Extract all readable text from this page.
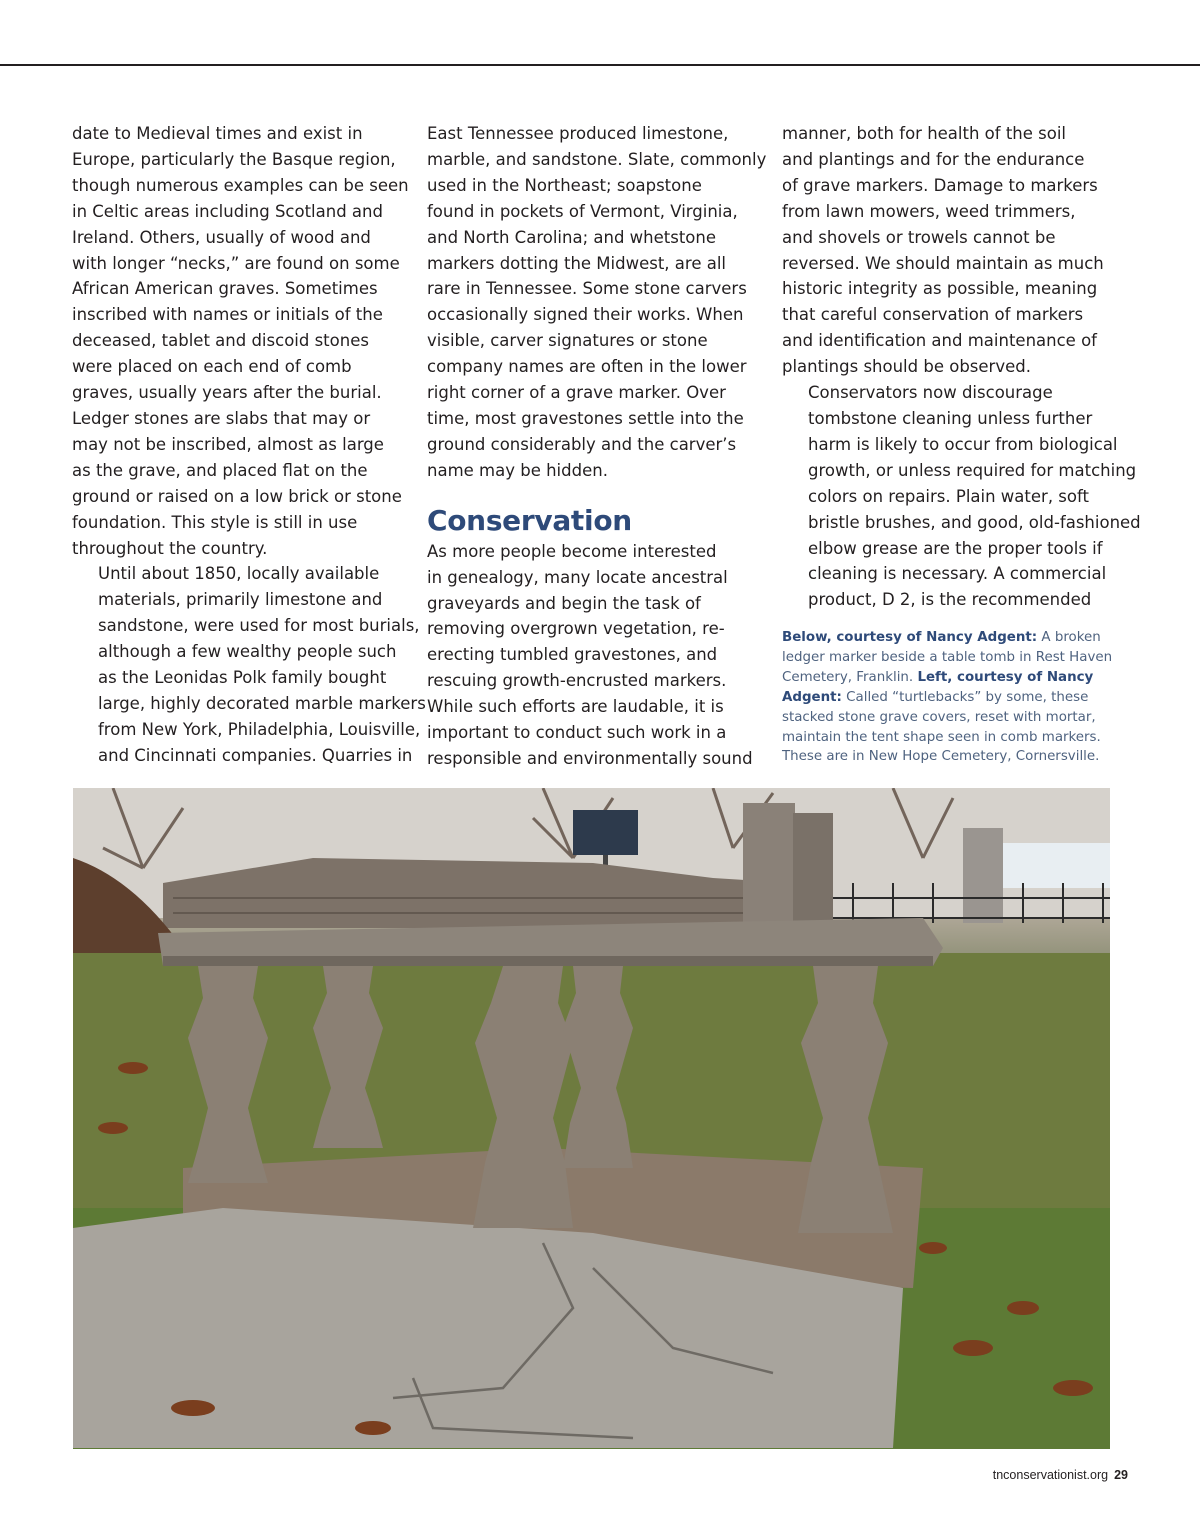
date to Medieval times and exist in
Europe, particularly the Basque region,
though numerous examples can be seen
in Celtic areas including Scotland and
Ireland. Others, usually of wood and
with longer “necks,” are found on some
African American graves. Sometimes
inscribed with names or initials of the
deceased, tablet and discoid stones
were placed on each end of comb
graves, usually years after the burial.
Ledger stones are slabs that may or
may not be inscribed, almost as large
as the grave, and placed flat on the
ground or raised on a low brick or stone
foundation. This style is still in use
throughout the country.

Until about 1850, locally available
materials, primarily limestone and
sandstone, were used for most burials,
although a few wealthy people such
as the Leonidas Polk family bought
large, highly decorated marble markers
from New York, Philadelphia, Louisville,
and Cincinnati companies. Quarries in

East Tennessee produced limestone,
marble, and sandstone. Slate, commonly
used in the Northeast; soapstone
found in pockets of Vermont, Virginia,
and North Carolina; and whetstone
markers dotting the Midwest, are all
rare in Tennessee. Some stone carvers
occasionally signed their works. When
visible, carver signatures or stone
company names are often in the lower
right corner of a grave marker. Over
time, most gravestones settle into the
ground considerably and the carver’s
name may be hidden.

Conservation

As more people become interested
in genealogy, many locate ancestral
graveyards and begin the task of
removing overgrown vegetation, re-
erecting tumbled gravestones, and
rescuing growth-encrusted markers.
While such efforts are laudable, it is
important to conduct such work in a
responsible and environmentally sound

manner, both for health of the soil
and plantings and for the endurance
of grave markers. Damage to markers
from lawn mowers, weed trimmers,
and shovels or trowels cannot be
reversed. We should maintain as much
historic integrity as possible, meaning
that careful conservation of markers
and identification and maintenance of
plantings should be observed.

Conservators now discourage
tombstone cleaning unless further
harm is likely to occur from biological
growth, or unless required for matching
colors on repairs. Plain water, soft
bristle brushes, and good, old-fashioned
elbow grease are the proper tools if
cleaning is necessary. A commercial
product, D 2, is the recommended

Below, courtesy of Nancy Adgent: A broken ledger marker beside a table tomb in Rest Haven Cemetery, Franklin. Left, courtesy of Nancy Adgent: Called “turtlebacks” by some, these stacked stone grave covers, reset with mortar, maintain the tent shape seen in comb markers. These are in New Hope Cemetery, Cornersville.
tnconservationist.org 29
